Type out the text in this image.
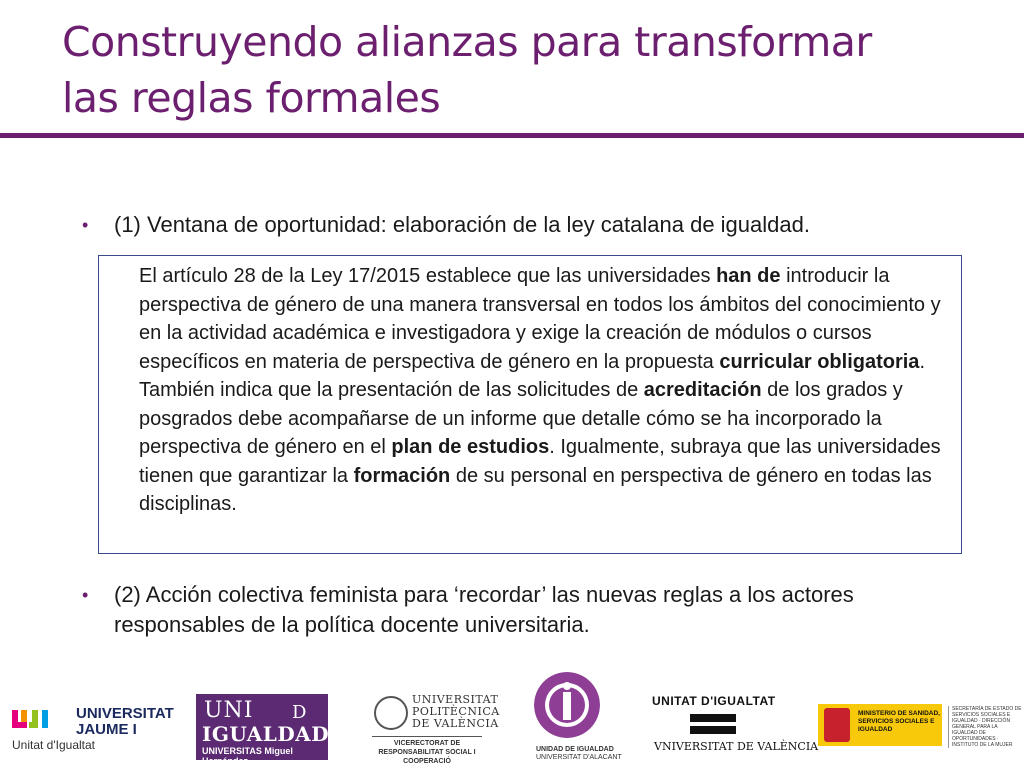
Construyendo alianzas para transformar
las reglas formales
• (1) Ventana de oportunidad: elaboración de la ley catalana de igualdad.
El artículo 28 de la Ley 17/2015 establece que las universidades han de introducir la perspectiva de género de una manera transversal en todos los ámbitos del conocimiento y en la actividad académica e investigadora y exige la creación de módulos o cursos específicos en materia de perspectiva de género en la propuesta curricular obligatoria. También indica que la presentación de las solicitudes de acreditación de los grados y posgrados debe acompañarse de un informe que detalle cómo se ha incorporado la perspectiva de género en el plan de estudios. Igualmente, subraya que las universidades tienen que garantizar la formación de su personal en perspectiva de género en todas las disciplinas.
• (2) Acción colectiva feminista para ‘recordar’ las nuevas reglas a los actores responsables de la política docente universitaria.
UNIVERSITAT
JAUME I
Unitat d'Igualtat
UNI D
IGUALDAD
UNIVERSITAS Miguel Hernández
UNIVERSITAT
POLITÈCNICA
DE VALÈNCIA
VICERECTORAT DE RESPONSABILITAT SOCIAL I COOPERACIÓ
UNIDAD DE IGUALDAD
UNIVERSITAT D'ALACANT
UNITAT D'IGUALTAT
VNIVERSITAT DE VALÈNCIA
MINISTERIO DE SANIDAD, SERVICIOS SOCIALES E IGUALDAD
SECRETARÍA DE ESTADO DE SERVICIOS SOCIALES E IGUALDAD · DIRECCIÓN GENERAL PARA LA IGUALDAD DE OPORTUNIDADES · INSTITUTO DE LA MUJER
